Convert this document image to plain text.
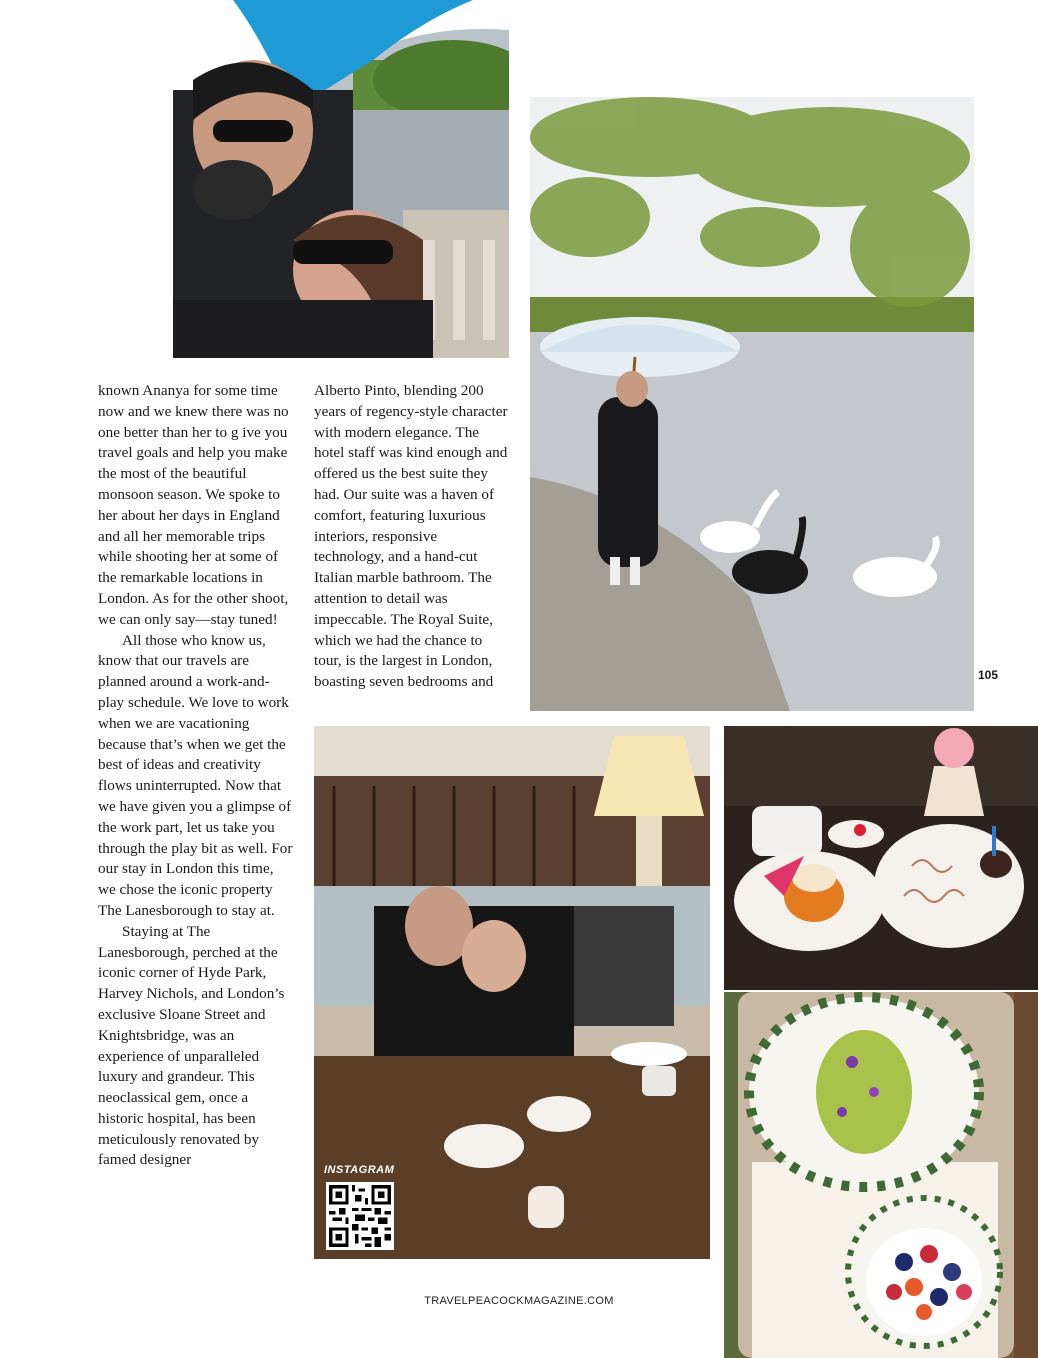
known Ananya for some time now and we knew there was no one better than her to g ive you travel goals and help you make the most of the beautiful monsoon season. We spoke to her about her days in England and all her memorable trips while shooting her at some of the remarkable locations in London. As for the other shoot, we can only say—stay tuned!

All those who know us, know that our travels are planned around a work-and-play schedule. We love to work when we are vacationing because that’s when we get the best of ideas and creativity flows uninterrupted. Now that we have given you a glimpse of the work part, let us take you through the play bit as well. For our stay in London this time, we chose the iconic property The Lanesborough to stay at.

Staying at The Lanesborough, perched at the iconic corner of Hyde Park, Harvey Nichols, and London’s exclusive Sloane Street and Knightsbridge, was an experience of unparalleled luxury and grandeur. This neoclassical gem, once a historic hospital, has been meticulously renovated by famed designer

Alberto Pinto, blending 200 years of regency-style character with modern elegance. The hotel staff was kind enough and offered us the best suite they had. Our suite was a haven of comfort, featuring luxurious interiors, responsive technology, and a hand-cut Italian marble bathroom. The attention to detail was impeccable. The Royal Suite, which we had the chance to tour, is the largest in London, boasting seven bedrooms and	105
INSTAGRAM
TRAVELPEACOCKMAGAZINE.COM
